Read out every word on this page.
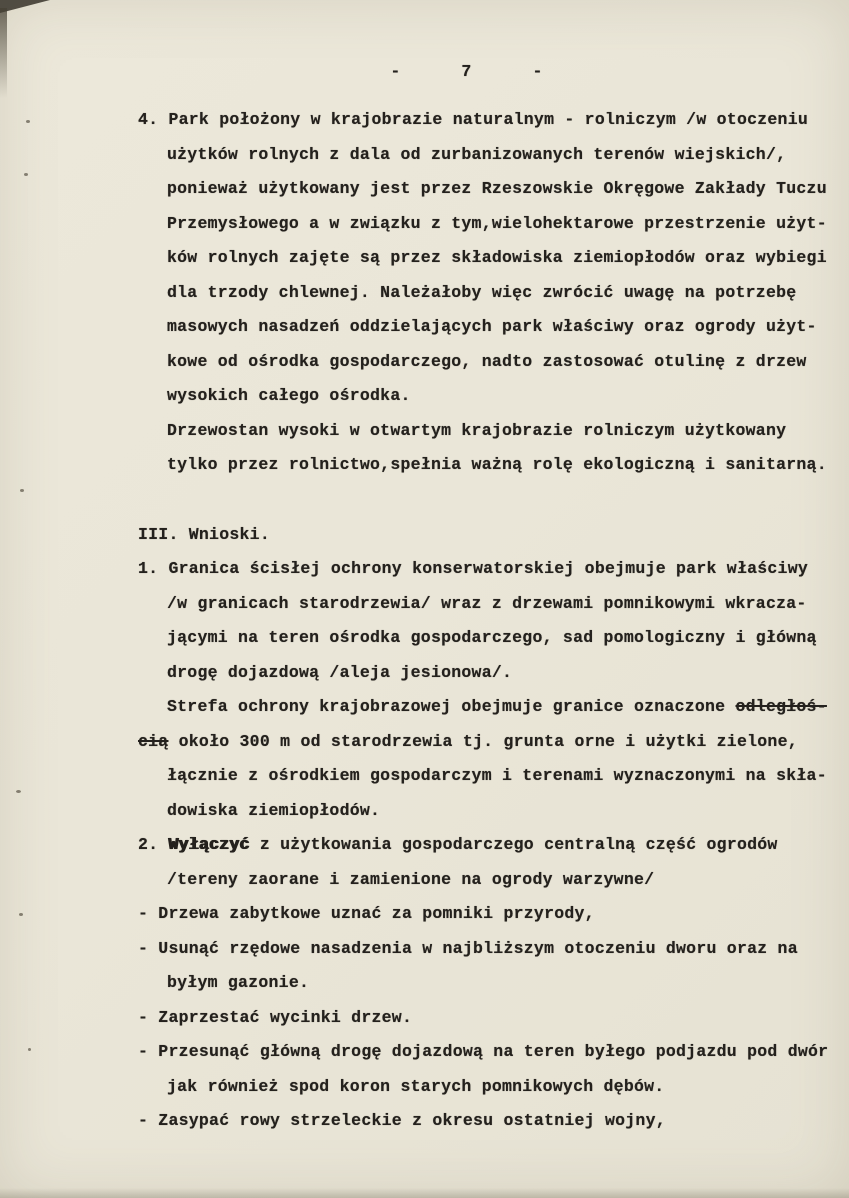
-      7      -
4. Park położony w krajobrazie naturalnym - rolniczym /w otoczeniu
użytków rolnych z dala od zurbanizowanych terenów wiejskich/,
ponieważ użytkowany jest przez Rzeszowskie Okręgowe Zakłady Tuczu
Przemysłowego a w związku z tym,wielohektarowe przestrzenie użyt-
ków rolnych zajęte są przez składowiska ziemiopłodów oraz wybiegi
dla trzody chlewnej. Należałoby więc zwrócić uwagę na potrzebę
masowych nasadzeń oddzielających park właściwy oraz ogrody użyt-
kowe od ośrodka gospodarczego, nadto zastosować otulinę z drzew
wysokich całego ośrodka.
Drzewostan wysoki w otwartym krajobrazie rolniczym użytkowany
tylko przez rolnictwo,spełnia ważną rolę ekologiczną i sanitarną.
III. Wnioski.
1. Granica ścisłej ochrony konserwatorskiej obejmuje park właściwy
/w granicach starodrzewia/ wraz z drzewami pomnikowymi wkracza-
jącymi na teren ośrodka gospodarczego, sad pomologiczny i główną
drogę dojazdową /aleja jesionowa/.
Strefa ochrony krajobrazowej obejmuje granice oznaczone odległoś-
cią około 300 m od starodrzewia tj. grunta orne i użytki zielone,
łącznie z ośrodkiem gospodarczym i terenami wyznaczonymi na skła-
dowiska ziemiopłodów.
2. Wyłączyć z użytkowania gospodarczego centralną część ogrodów
/tereny zaorane i zamienione na ogrody warzywne/
- Drzewa zabytkowe uznać za pomniki przyrody,
- Usunąć rzędowe nasadzenia w najbliższym otoczeniu dworu oraz na
byłym gazonie.
- Zaprzestać wycinki drzew.
- Przesunąć główną drogę dojazdową na teren byłego podjazdu pod dwór
jak również spod koron starych pomnikowych dębów.
- Zasypać rowy strzeleckie z okresu ostatniej wojny,
